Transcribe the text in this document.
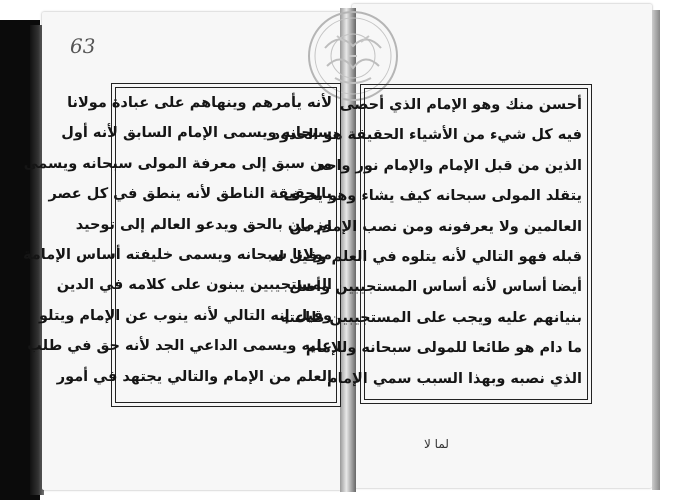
63
لأنه يأمرهم وينهاهم على عبادة مولانا
سبحانه ويسمى الإمام السابق لأنه أول
من سبق إلى معرفة المولى سبحانه ويسمى
بالحقيقة الناطق لأنه ينطق في كل عصر
وزمان بالحق ويدعو العالم إلى توحيد
مولانا سبحانه ويسمى خليفته أساس الإمامة
المستجيبين يبنون على كلامه في الدين
وقيل إنه التالي لأنه ينوب عن الإمام ويتلو
عليه ويسمى الداعي الجد لأنه حق في طلب
العلم من الإمام والتالي يجتهد في أمور
أحسن منك وهو الإمام الذي أحصى
فيه كل شيء من الأشياء الحقيقة هو الحدود
الذين من قبل الإمام والإمام نور واحد
يتقلد المولى سبحانه كيف يشاء وهو يعرف
العالمين ولا يعرفونه ومن نصب الإمام من
قبله فهو التالي لأنه يتلوه في العلم وقيل له
أيضا أساس لأنه أساس المستجيبين وأصل
بنيانهم عليه ويجب على المستجيبين طاعته
ما دام هو طائعا للمولى سبحانه وللإمام
الذي نصبه وبهذا السبب سمي الإمام
لما لا
